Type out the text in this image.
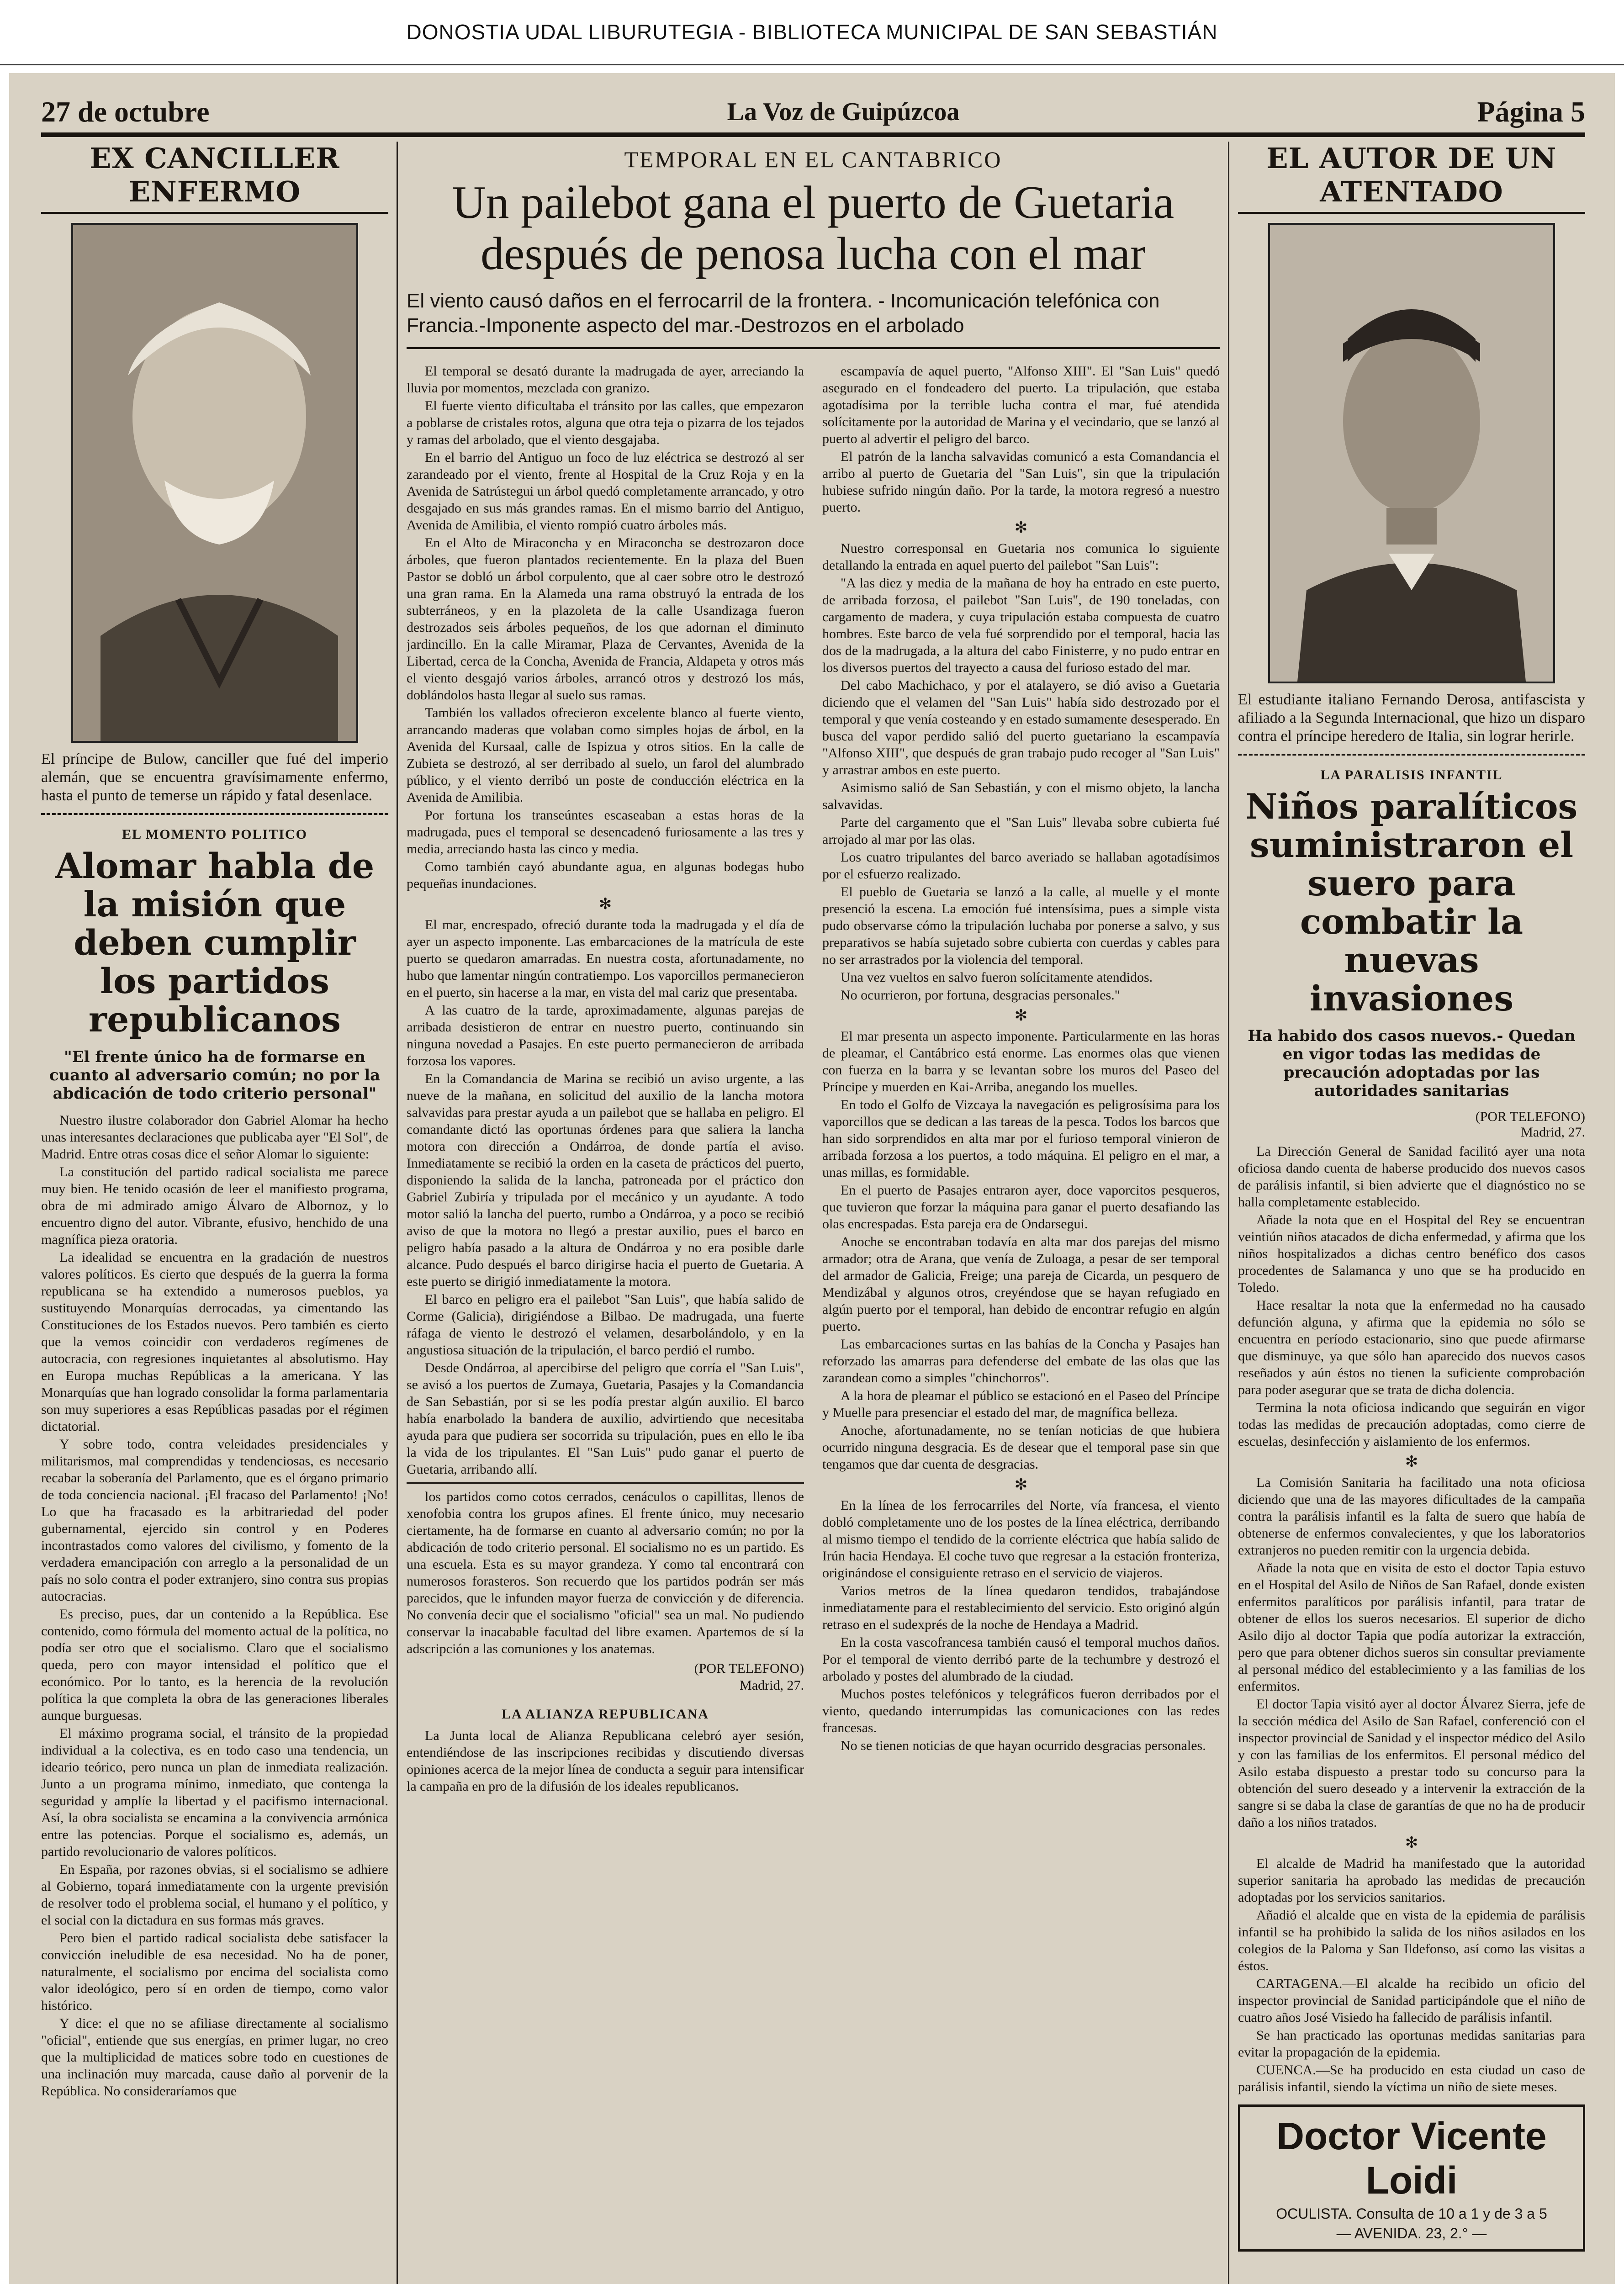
DONOSTIA UDAL LIBURUTEGIA - BIBLIOTECA MUNICIPAL DE SAN SEBASTIÁN
27 de octubre	La Voz de Guipúzcoa	Página 5
EX CANCILLER ENFERMO
El príncipe de Bulow, canciller que fué del imperio alemán, que se encuentra gravísimamente enfermo, hasta el punto de temerse un rápido y fatal desenlace.
EL MOMENTO POLITICO
Alomar habla de la misión que deben cumplir los partidos republicanos
"El frente único ha de formarse en cuanto al adversario común; no por la abdicación de todo criterio personal"

Nuestro ilustre colaborador don Gabriel Alomar ha hecho unas interesantes declaraciones que publicaba ayer "El Sol", de Madrid. Entre otras cosas dice el señor Alomar lo siguiente:

La constitución del partido radical socialista me parece muy bien. He tenido ocasión de leer el manifiesto programa, obra de mi admirado amigo Álvaro de Albornoz, y lo encuentro digno del autor. Vibrante, efusivo, henchido de una magnífica pieza oratoria.

La idealidad se encuentra en la gradación de nuestros valores políticos. Es cierto que después de la guerra la forma republicana se ha extendido a numerosos pueblos, ya sustituyendo Monarquías derrocadas, ya cimentando las Constituciones de los Estados nuevos. Pero también es cierto que la vemos coincidir con verdaderos regímenes de autocracia, con regresiones inquietantes al absolutismo. Hay en Europa muchas Repúblicas a la americana. Y las Monarquías que han logrado consolidar la forma parlamentaria son muy superiores a esas Repúblicas pasadas por el régimen dictatorial.

Y sobre todo, contra veleidades presidenciales y militarismos, mal comprendidas y tendenciosas, es necesario recabar la soberanía del Parlamento, que es el órgano primario de toda conciencia nacional. ¡El fracaso del Parlamento! ¡No! Lo que ha fracasado es la arbitrariedad del poder gubernamental, ejercido sin control y en Poderes incontrastados como valores del civilismo, y fomento de la verdadera emancipación con arreglo a la personalidad de un país no solo contra el poder extranjero, sino contra sus propias autocracias.

Es preciso, pues, dar un contenido a la República. Ese contenido, como fórmula del momento actual de la política, no podía ser otro que el socialismo. Claro que el socialismo queda, pero con mayor intensidad el político que el económico. Por lo tanto, es la herencia de la revolución política la que completa la obra de las generaciones liberales aunque burguesas.

El máximo programa social, el tránsito de la propiedad individual a la colectiva, es en todo caso una tendencia, un ideario teórico, pero nunca un plan de inmediata realización. Junto a un programa mínimo, inmediato, que contenga la seguridad y amplíe la libertad y el pacifismo internacional. Así, la obra socialista se encamina a la convivencia armónica entre las potencias. Porque el socialismo es, además, un partido revolucionario de valores políticos.

En España, por razones obvias, si el socialismo se adhiere al Gobierno, topará inmediatamente con la urgente previsión de resolver todo el problema social, el humano y el político, y el social con la dictadura en sus formas más graves.

Pero bien el partido radical socialista debe satisfacer la convicción ineludible de esa necesidad. No ha de poner, naturalmente, el socialismo por encima del socialista como valor ideológico, pero sí en orden de tiempo, como valor histórico.

Y dice: el que no se afiliase directamente al socialismo "oficial", entiende que sus energías, en primer lugar, no creo que la multiplicidad de matices sobre todo en cuestiones de una inclinación muy marcada, cause daño al porvenir de la República. No consideraríamos que

TEMPORAL EN EL CANTABRICO
Un pailebot gana el puerto de Guetaria después de penosa lucha con el mar
El viento causó daños en el ferrocarril de la frontera. - Incomunicación telefónica con Francia.-Imponente aspecto del mar.-Destrozos en el arbolado

El temporal se desató durante la madrugada de ayer, arreciando la lluvia por momentos, mezclada con granizo.

El fuerte viento dificultaba el tránsito por las calles, que empezaron a poblarse de cristales rotos, alguna que otra teja o pizarra de los tejados y ramas del arbolado, que el viento desgajaba.

En el barrio del Antiguo un foco de luz eléctrica se destrozó al ser zarandeado por el viento, frente al Hospital de la Cruz Roja y en la Avenida de Satrústegui un árbol quedó completamente arrancado, y otro desgajado en sus más grandes ramas. En el mismo barrio del Antiguo, Avenida de Amilibia, el viento rompió cuatro árboles más.

En el Alto de Miraconcha y en Miraconcha se destrozaron doce árboles, que fueron plantados recientemente. En la plaza del Buen Pastor se dobló un árbol corpulento, que al caer sobre otro le destrozó una gran rama. En la Alameda una rama obstruyó la entrada de los subterráneos, y en la plazoleta de la calle Usandizaga fueron destrozados seis árboles pequeños, de los que adornan el diminuto jardincillo. En la calle Miramar, Plaza de Cervantes, Avenida de la Libertad, cerca de la Concha, Avenida de Francia, Aldapeta y otros más el viento desgajó varios árboles, arrancó otros y destrozó los más, doblándolos hasta llegar al suelo sus ramas.

También los vallados ofrecieron excelente blanco al fuerte viento, arrancando maderas que volaban como simples hojas de árbol, en la Avenida del Kursaal, calle de Ispizua y otros sitios. En la calle de Zubieta se destrozó, al ser derribado al suelo, un farol del alumbrado público, y el viento derribó un poste de conducción eléctrica en la Avenida de Amilibia.

Por fortuna los transeúntes escaseaban a estas horas de la madrugada, pues el temporal se desencadenó furiosamente a las tres y media, arreciando hasta las cinco y media.

Como también cayó abundante agua, en algunas bodegas hubo pequeñas inundaciones.

✻

El mar, encrespado, ofreció durante toda la madrugada y el día de ayer un aspecto imponente. Las embarcaciones de la matrícula de este puerto se quedaron amarradas. En nuestra costa, afortunadamente, no hubo que lamentar ningún contratiempo. Los vaporcillos permanecieron en el puerto, sin hacerse a la mar, en vista del mal cariz que presentaba.

A las cuatro de la tarde, aproximadamente, algunas parejas de arribada desistieron de entrar en nuestro puerto, continuando sin ninguna novedad a Pasajes. En este puerto permanecieron de arribada forzosa los vapores.

En la Comandancia de Marina se recibió un aviso urgente, a las nueve de la mañana, en solicitud del auxilio de la lancha motora salvavidas para prestar ayuda a un pailebot que se hallaba en peligro. El comandante dictó las oportunas órdenes para que saliera la lancha motora con dirección a Ondárroa, de donde partía el aviso. Inmediatamente se recibió la orden en la caseta de prácticos del puerto, disponiendo la salida de la lancha, patroneada por el práctico don Gabriel Zubiría y tripulada por el mecánico y un ayudante. A todo motor salió la lancha del puerto, rumbo a Ondárroa, y a poco se recibió aviso de que la motora no llegó a prestar auxilio, pues el barco en peligro había pasado a la altura de Ondárroa y no era posible darle alcance. Pudo después el barco dirigirse hacia el puerto de Guetaria. A este puerto se dirigió inmediatamente la motora.

El barco en peligro era el pailebot "San Luis", que había salido de Corme (Galicia), dirigiéndose a Bilbao. De madrugada, una fuerte ráfaga de viento le destrozó el velamen, desarbolándolo, y en la angustiosa situación de la tripulación, el barco perdió el rumbo.

Desde Ondárroa, al apercibirse del peligro que corría el "San Luis", se avisó a los puertos de Zumaya, Guetaria, Pasajes y la Comandancia de San Sebastián, por si se les podía prestar algún auxilio. El barco había enarbolado la bandera de auxilio, advirtiendo que necesitaba ayuda para que pudiera ser socorrida su tripulación, pues en ello le iba la vida de los tripulantes. El "San Luis" pudo ganar el puerto de Guetaria, arribando allí.

los partidos como cotos cerrados, cenáculos o capillitas, llenos de xenofobia contra los grupos afines. El frente único, muy necesario ciertamente, ha de formarse en cuanto al adversario común; no por la abdicación de todo criterio personal. El socialismo no es un partido. Es una escuela. Esta es su mayor grandeza. Y como tal encontrará con numerosos forasteros. Son recuerdo que los partidos podrán ser más parecidos, que le infunden mayor fuerza de convicción y de diferencia. No convenía decir que el socialismo "oficial" sea un mal. No pudiendo conservar la inacabable facultad del libre examen. Apartemos de sí la adscripción a las comuniones y los anatemas.

(POR TELEFONO)
Madrid, 27.
LA ALIANZA REPUBLICANA

La Junta local de Alianza Republicana celebró ayer sesión, entendiéndose de las inscripciones recibidas y discutiendo diversas opiniones acerca de la mejor línea de conducta a seguir para intensificar la campaña en pro de la difusión de los ideales republicanos.

escampavía de aquel puerto, "Alfonso XIII". El "San Luis" quedó asegurado en el fondeadero del puerto. La tripulación, que estaba agotadísima por la terrible lucha contra el mar, fué atendida solícitamente por la autoridad de Marina y el vecindario, que se lanzó al puerto al advertir el peligro del barco.

El patrón de la lancha salvavidas comunicó a esta Comandancia el arribo al puerto de Guetaria del "San Luis", sin que la tripulación hubiese sufrido ningún daño. Por la tarde, la motora regresó a nuestro puerto.

✻

Nuestro corresponsal en Guetaria nos comunica lo siguiente detallando la entrada en aquel puerto del pailebot "San Luis":

"A las diez y media de la mañana de hoy ha entrado en este puerto, de arribada forzosa, el pailebot "San Luis", de 190 toneladas, con cargamento de madera, y cuya tripulación estaba compuesta de cuatro hombres. Este barco de vela fué sorprendido por el temporal, hacia las dos de la madrugada, a la altura del cabo Finisterre, y no pudo entrar en los diversos puertos del trayecto a causa del furioso estado del mar.

Del cabo Machichaco, y por el atalayero, se dió aviso a Guetaria diciendo que el velamen del "San Luis" había sido destrozado por el temporal y que venía costeando y en estado sumamente desesperado. En busca del vapor perdido salió del puerto guetariano la escampavía "Alfonso XIII", que después de gran trabajo pudo recoger al "San Luis" y arrastrar ambos en este puerto.

Asimismo salió de San Sebastián, y con el mismo objeto, la lancha salvavidas.

Parte del cargamento que el "San Luis" llevaba sobre cubierta fué arrojado al mar por las olas.

Los cuatro tripulantes del barco averiado se hallaban agotadísimos por el esfuerzo realizado.

El pueblo de Guetaria se lanzó a la calle, al muelle y el monte presenció la escena. La emoción fué intensísima, pues a simple vista pudo observarse cómo la tripulación luchaba por ponerse a salvo, y sus preparativos se había sujetado sobre cubierta con cuerdas y cables para no ser arrastrados por la violencia del temporal.

Una vez vueltos en salvo fueron solícitamente atendidos.

No ocurrieron, por fortuna, desgracias personales."

✻

El mar presenta un aspecto imponente. Particularmente en las horas de pleamar, el Cantábrico está enorme. Las enormes olas que vienen con fuerza en la barra y se levantan sobre los muros del Paseo del Príncipe y muerden en Kai-Arriba, anegando los muelles.

En todo el Golfo de Vizcaya la navegación es peligrosísima para los vaporcillos que se dedican a las tareas de la pesca. Todos los barcos que han sido sorprendidos en alta mar por el furioso temporal vinieron de arribada forzosa a los puertos, a todo máquina. El peligro en el mar, a unas millas, es formidable.

En el puerto de Pasajes entraron ayer, doce vaporcitos pesqueros, que tuvieron que forzar la máquina para ganar el puerto desafiando las olas encrespadas. Esta pareja era de Ondarsegui.

Anoche se encontraban todavía en alta mar dos parejas del mismo armador; otra de Arana, que venía de Zuloaga, a pesar de ser temporal del armador de Galicia, Freige; una pareja de Cicarda, un pesquero de Mendizábal y algunos otros, creyéndose que se hayan refugiado en algún puerto por el temporal, han debido de encontrar refugio en algún puerto.

Las embarcaciones surtas en las bahías de la Concha y Pasajes han reforzado las amarras para defenderse del embate de las olas que las zarandean como a simples "chinchorros".

A la hora de pleamar el público se estacionó en el Paseo del Príncipe y Muelle para presenciar el estado del mar, de magnífica belleza.

Anoche, afortunadamente, no se tenían noticias de que hubiera ocurrido ninguna desgracia. Es de desear que el temporal pase sin que tengamos que dar cuenta de desgracias.

✻

En la línea de los ferrocarriles del Norte, vía francesa, el viento dobló completamente uno de los postes de la línea eléctrica, derribando al mismo tiempo el tendido de la corriente eléctrica que había salido de Irún hacia Hendaya. El coche tuvo que regresar a la estación fronteriza, originándose el consiguiente retraso en el servicio de viajeros.

Varios metros de la línea quedaron tendidos, trabajándose inmediatamente para el restablecimiento del servicio. Esto originó algún retraso en el sudexprés de la noche de Hendaya a Madrid.

En la costa vascofrancesa también causó el temporal muchos daños. Por el temporal de viento derribó parte de la techumbre y destrozó el arbolado y postes del alumbrado de la ciudad.

Muchos postes telefónicos y telegráficos fueron derribados por el viento, quedando interrumpidas las comunicaciones con las redes francesas.

No se tienen noticias de que hayan ocurrido desgracias personales.

EL AUTOR DE UN ATENTADO
El estudiante italiano Fernando Derosa, antifascista y afiliado a la Segunda Internacional, que hizo un disparo contra el príncipe heredero de Italia, sin lograr herirle.
LA PARALISIS INFANTIL
Niños paralíticos suministraron el suero para combatir la nuevas invasiones
Ha habido dos casos nuevos.- Quedan en vigor todas las medidas de precaución adoptadas por las autoridades sanitarias
(POR TELEFONO)
Madrid, 27.

La Dirección General de Sanidad facilitó ayer una nota oficiosa dando cuenta de haberse producido dos nuevos casos de parálisis infantil, si bien advierte que el diagnóstico no se halla completamente establecido.

Añade la nota que en el Hospital del Rey se encuentran veintiún niños atacados de dicha enfermedad, y afirma que los niños hospitalizados a dichas centro benéfico dos casos procedentes de Salamanca y uno que se ha producido en Toledo.

Hace resaltar la nota que la enfermedad no ha causado defunción alguna, y afirma que la epidemia no sólo se encuentra en período estacionario, sino que puede afirmarse que disminuye, ya que sólo han aparecido dos nuevos casos reseñados y aún éstos no tienen la suficiente comprobación para poder asegurar que se trata de dicha dolencia.

Termina la nota oficiosa indicando que seguirán en vigor todas las medidas de precaución adoptadas, como cierre de escuelas, desinfección y aislamiento de los enfermos.

✻

La Comisión Sanitaria ha facilitado una nota oficiosa diciendo que una de las mayores dificultades de la campaña contra la parálisis infantil es la falta de suero que había de obtenerse de enfermos convalecientes, y que los laboratorios extranjeros no pueden remitir con la urgencia debida.

Añade la nota que en visita de esto el doctor Tapia estuvo en el Hospital del Asilo de Niños de San Rafael, donde existen enfermitos paralíticos por parálisis infantil, para tratar de obtener de ellos los sueros necesarios. El superior de dicho Asilo dijo al doctor Tapia que podía autorizar la extracción, pero que para obtener dichos sueros sin consultar previamente al personal médico del establecimiento y a las familias de los enfermitos.

El doctor Tapia visitó ayer al doctor Álvarez Sierra, jefe de la sección médica del Asilo de San Rafael, conferenció con el inspector provincial de Sanidad y el inspector médico del Asilo y con las familias de los enfermitos. El personal médico del Asilo estaba dispuesto a prestar todo su concurso para la obtención del suero deseado y a intervenir la extracción de la sangre si se daba la clase de garantías de que no ha de producir daño a los niños tratados.

✻

El alcalde de Madrid ha manifestado que la autoridad superior sanitaria ha aprobado las medidas de precaución adoptadas por los servicios sanitarios.

Añadió el alcalde que en vista de la epidemia de parálisis infantil se ha prohibido la salida de los niños asilados en los colegios de la Paloma y San Ildefonso, así como las visitas a éstos.

CARTAGENA.—El alcalde ha recibido un oficio del inspector provincial de Sanidad participándole que el niño de cuatro años José Visiedo ha fallecido de parálisis infantil.

Se han practicado las oportunas medidas sanitarias para evitar la propagación de la epidemia.

CUENCA.—Se ha producido en esta ciudad un caso de parálisis infantil, siendo la víctima un niño de siete meses.

Doctor Vicente Loidi
OCULISTA. Consulta de 10 a 1 y de 3 a 5
— AVENIDA. 23, 2.° —
